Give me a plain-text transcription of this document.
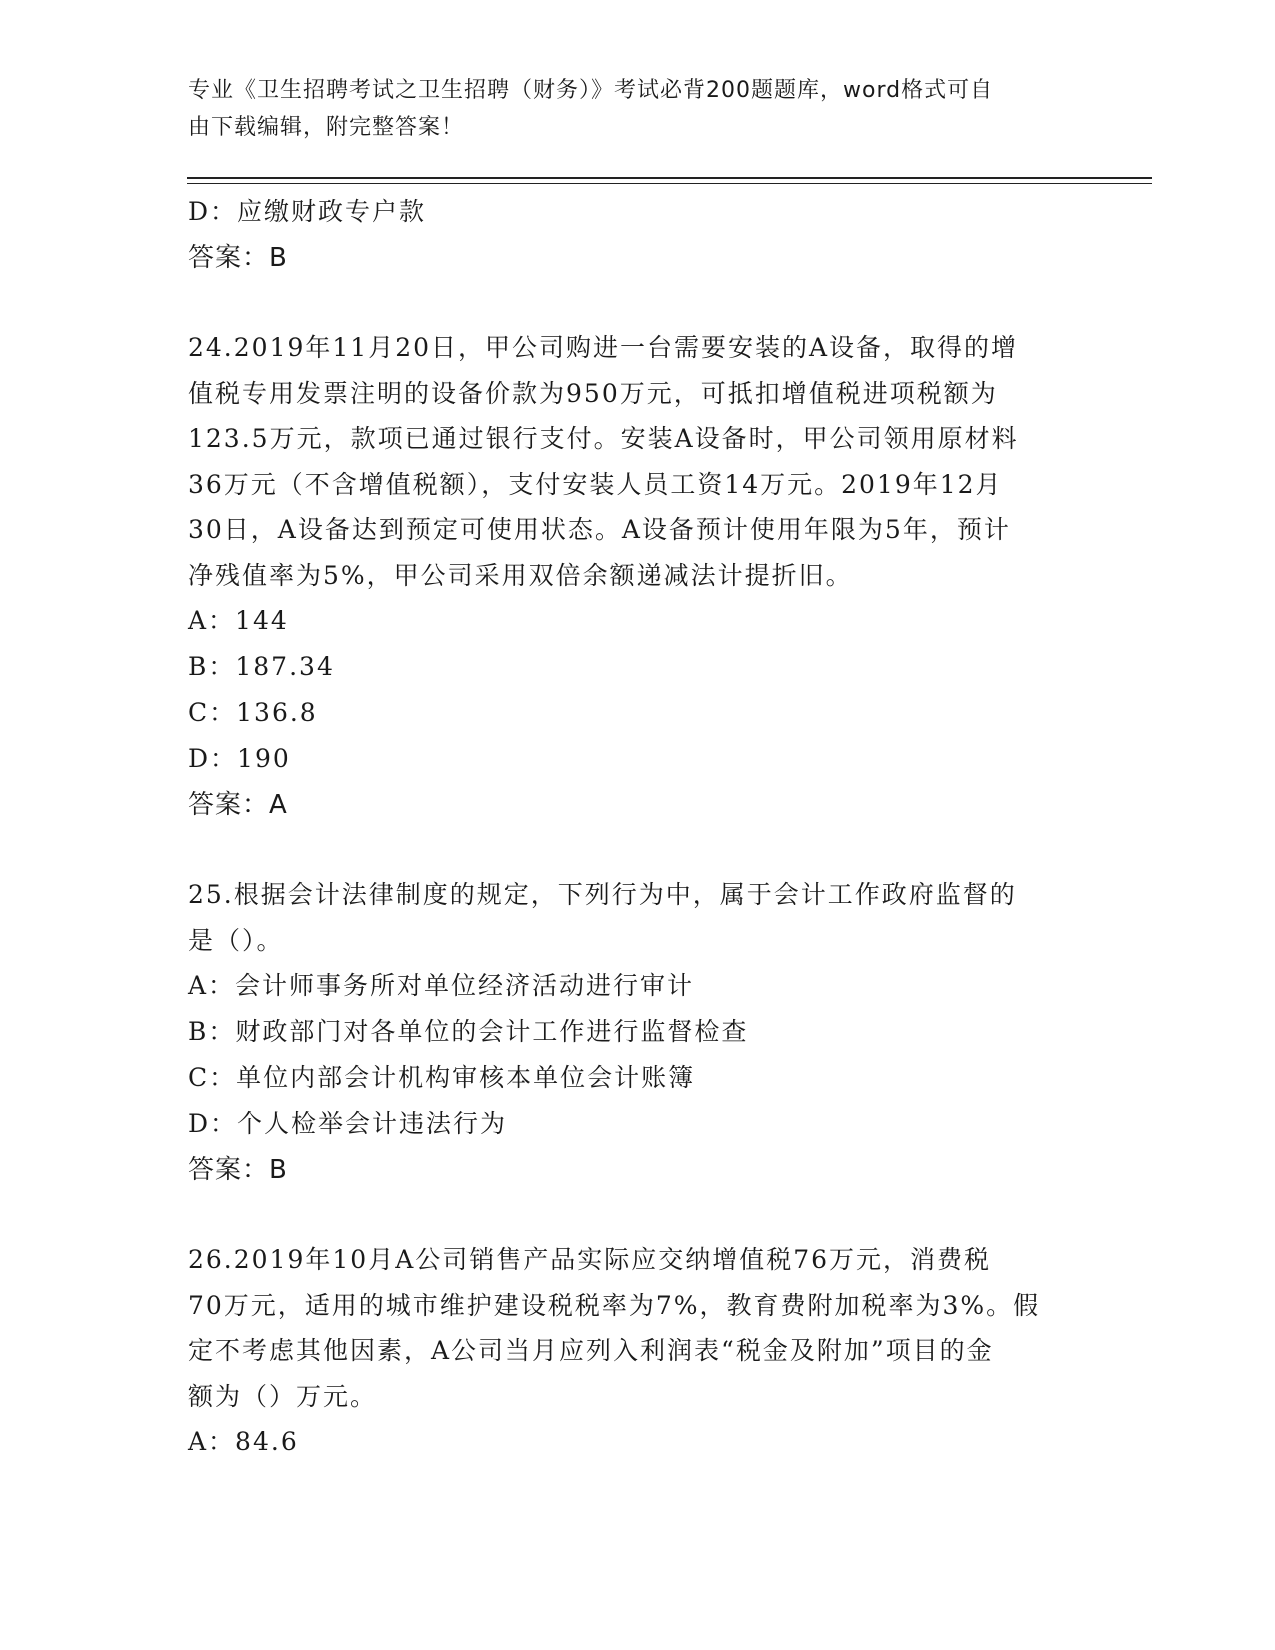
专业《卫生招聘考试之卫生招聘（财务）》考试必背200题题库，word格式可自
由下载编辑，附完整答案！
D：应缴财政专户款
答案：B
24.2019年11月20日，甲公司购进一台需要安装的A设备，取得的增
值税专用发票注明的设备价款为950万元，可抵扣增值税进项税额为
123.5万元，款项已通过银行支付。安装A设备时，甲公司领用原材料
36万元（不含增值税额），支付安装人员工资14万元。2019年12月
30日，A设备达到预定可使用状态。A设备预计使用年限为5年，预计
净残值率为5%，甲公司采用双倍余额递减法计提折旧。
A：144
B：187.34
C：136.8
D：190
答案：A
25.根据会计法律制度的规定，下列行为中，属于会计工作政府监督的
是（）。
A：会计师事务所对单位经济活动进行审计
B：财政部门对各单位的会计工作进行监督检查
C：单位内部会计机构审核本单位会计账簿
D：个人检举会计违法行为
答案：B
26.2019年10月A公司销售产品实际应交纳增值税76万元，消费税
70万元，适用的城市维护建设税税率为7%，教育费附加税率为3%。假
定不考虑其他因素，A公司当月应列入利润表“税金及附加”项目的金
额为（）万元。
A：84.6
